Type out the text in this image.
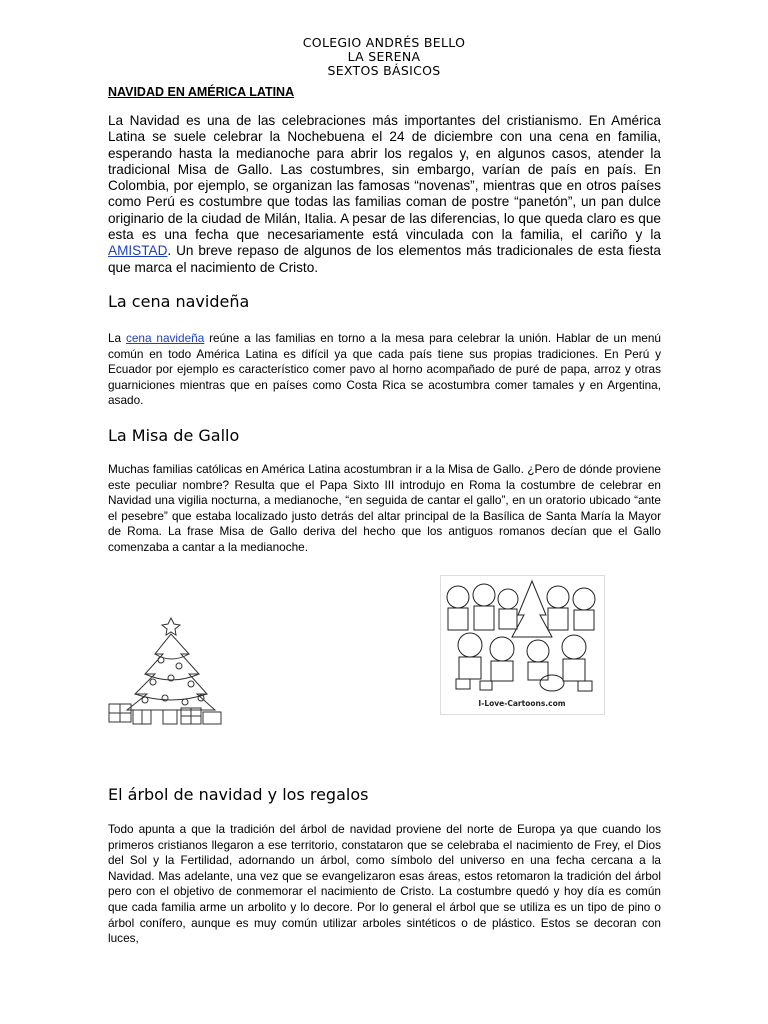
COLEGIO ANDRÉS BELLO
LA SERENA
SEXTOS BÁSICOS
NAVIDAD EN AMÉRICA LATINA

La Navidad es una de las celebraciones más importantes del cristianismo. En América Latina se suele celebrar la Nochebuena el 24 de diciembre con una cena en familia, esperando hasta la medianoche para abrir los regalos y, en algunos casos, atender la tradicional Misa de Gallo. Las costumbres, sin embargo, varían de país en país. En Colombia, por ejemplo, se organizan las famosas “novenas”, mientras que en otros países como Perú es costumbre que todas las familias coman de postre “panetón”, un pan dulce originario de la ciudad de Milán, Italia. A pesar de las diferencias, lo que queda claro es que esta es una fecha que necesariamente está vinculada con la familia, el cariño y la AMISTAD. Un breve repaso de algunos de los elementos más tradicionales de esta fiesta que marca el nacimiento de Cristo.

La cena navideña

La cena navideña reúne a las familias en torno a la mesa para celebrar la unión. Hablar de un menú común en todo América Latina es difícil ya que cada país tiene sus propias tradiciones. En Perú y Ecuador por ejemplo es característico comer pavo al horno acompañado de puré de papa, arroz y otras guarniciones mientras que en países como Costa Rica se acostumbra comer tamales y en Argentina, asado.

La Misa de Gallo

Muchas familias católicas en América Latina acostumbran ir a la Misa de Gallo. ¿Pero de dónde proviene este peculiar nombre? Resulta que el Papa Sixto III introdujo en Roma la costumbre de celebrar en Navidad una vigilia nocturna, a medianoche, “en seguida de cantar el gallo”, en un oratorio ubicado “ante el pesebre” que estaba localizado justo detrás del altar principal de la Basílica de Santa María la Mayor de Roma. La frase Misa de Gallo deriva del hecho que los antiguos romanos decían que el Gallo comenzaba a cantar a la medianoche.

I-Love-Cartoons.com
El árbol de navidad y los regalos

Todo apunta a que la tradición del árbol de navidad proviene del norte de Europa ya que cuando los primeros cristianos llegaron a ese territorio, constataron que se celebraba el nacimiento de Frey, el Dios del Sol y la Fertilidad, adornando un árbol, como símbolo del universo en una fecha cercana a la Navidad. Mas adelante, una vez que se evangelizaron esas áreas, estos retomaron la tradición del árbol pero con el objetivo de conmemorar el nacimiento de Cristo. La costumbre quedó y hoy día es común que cada familia arme un arbolito y lo decore. Por lo general el árbol que se utiliza es un tipo de pino o árbol conífero, aunque es muy común utilizar arboles sintéticos o de plástico. Estos se decoran con luces,
